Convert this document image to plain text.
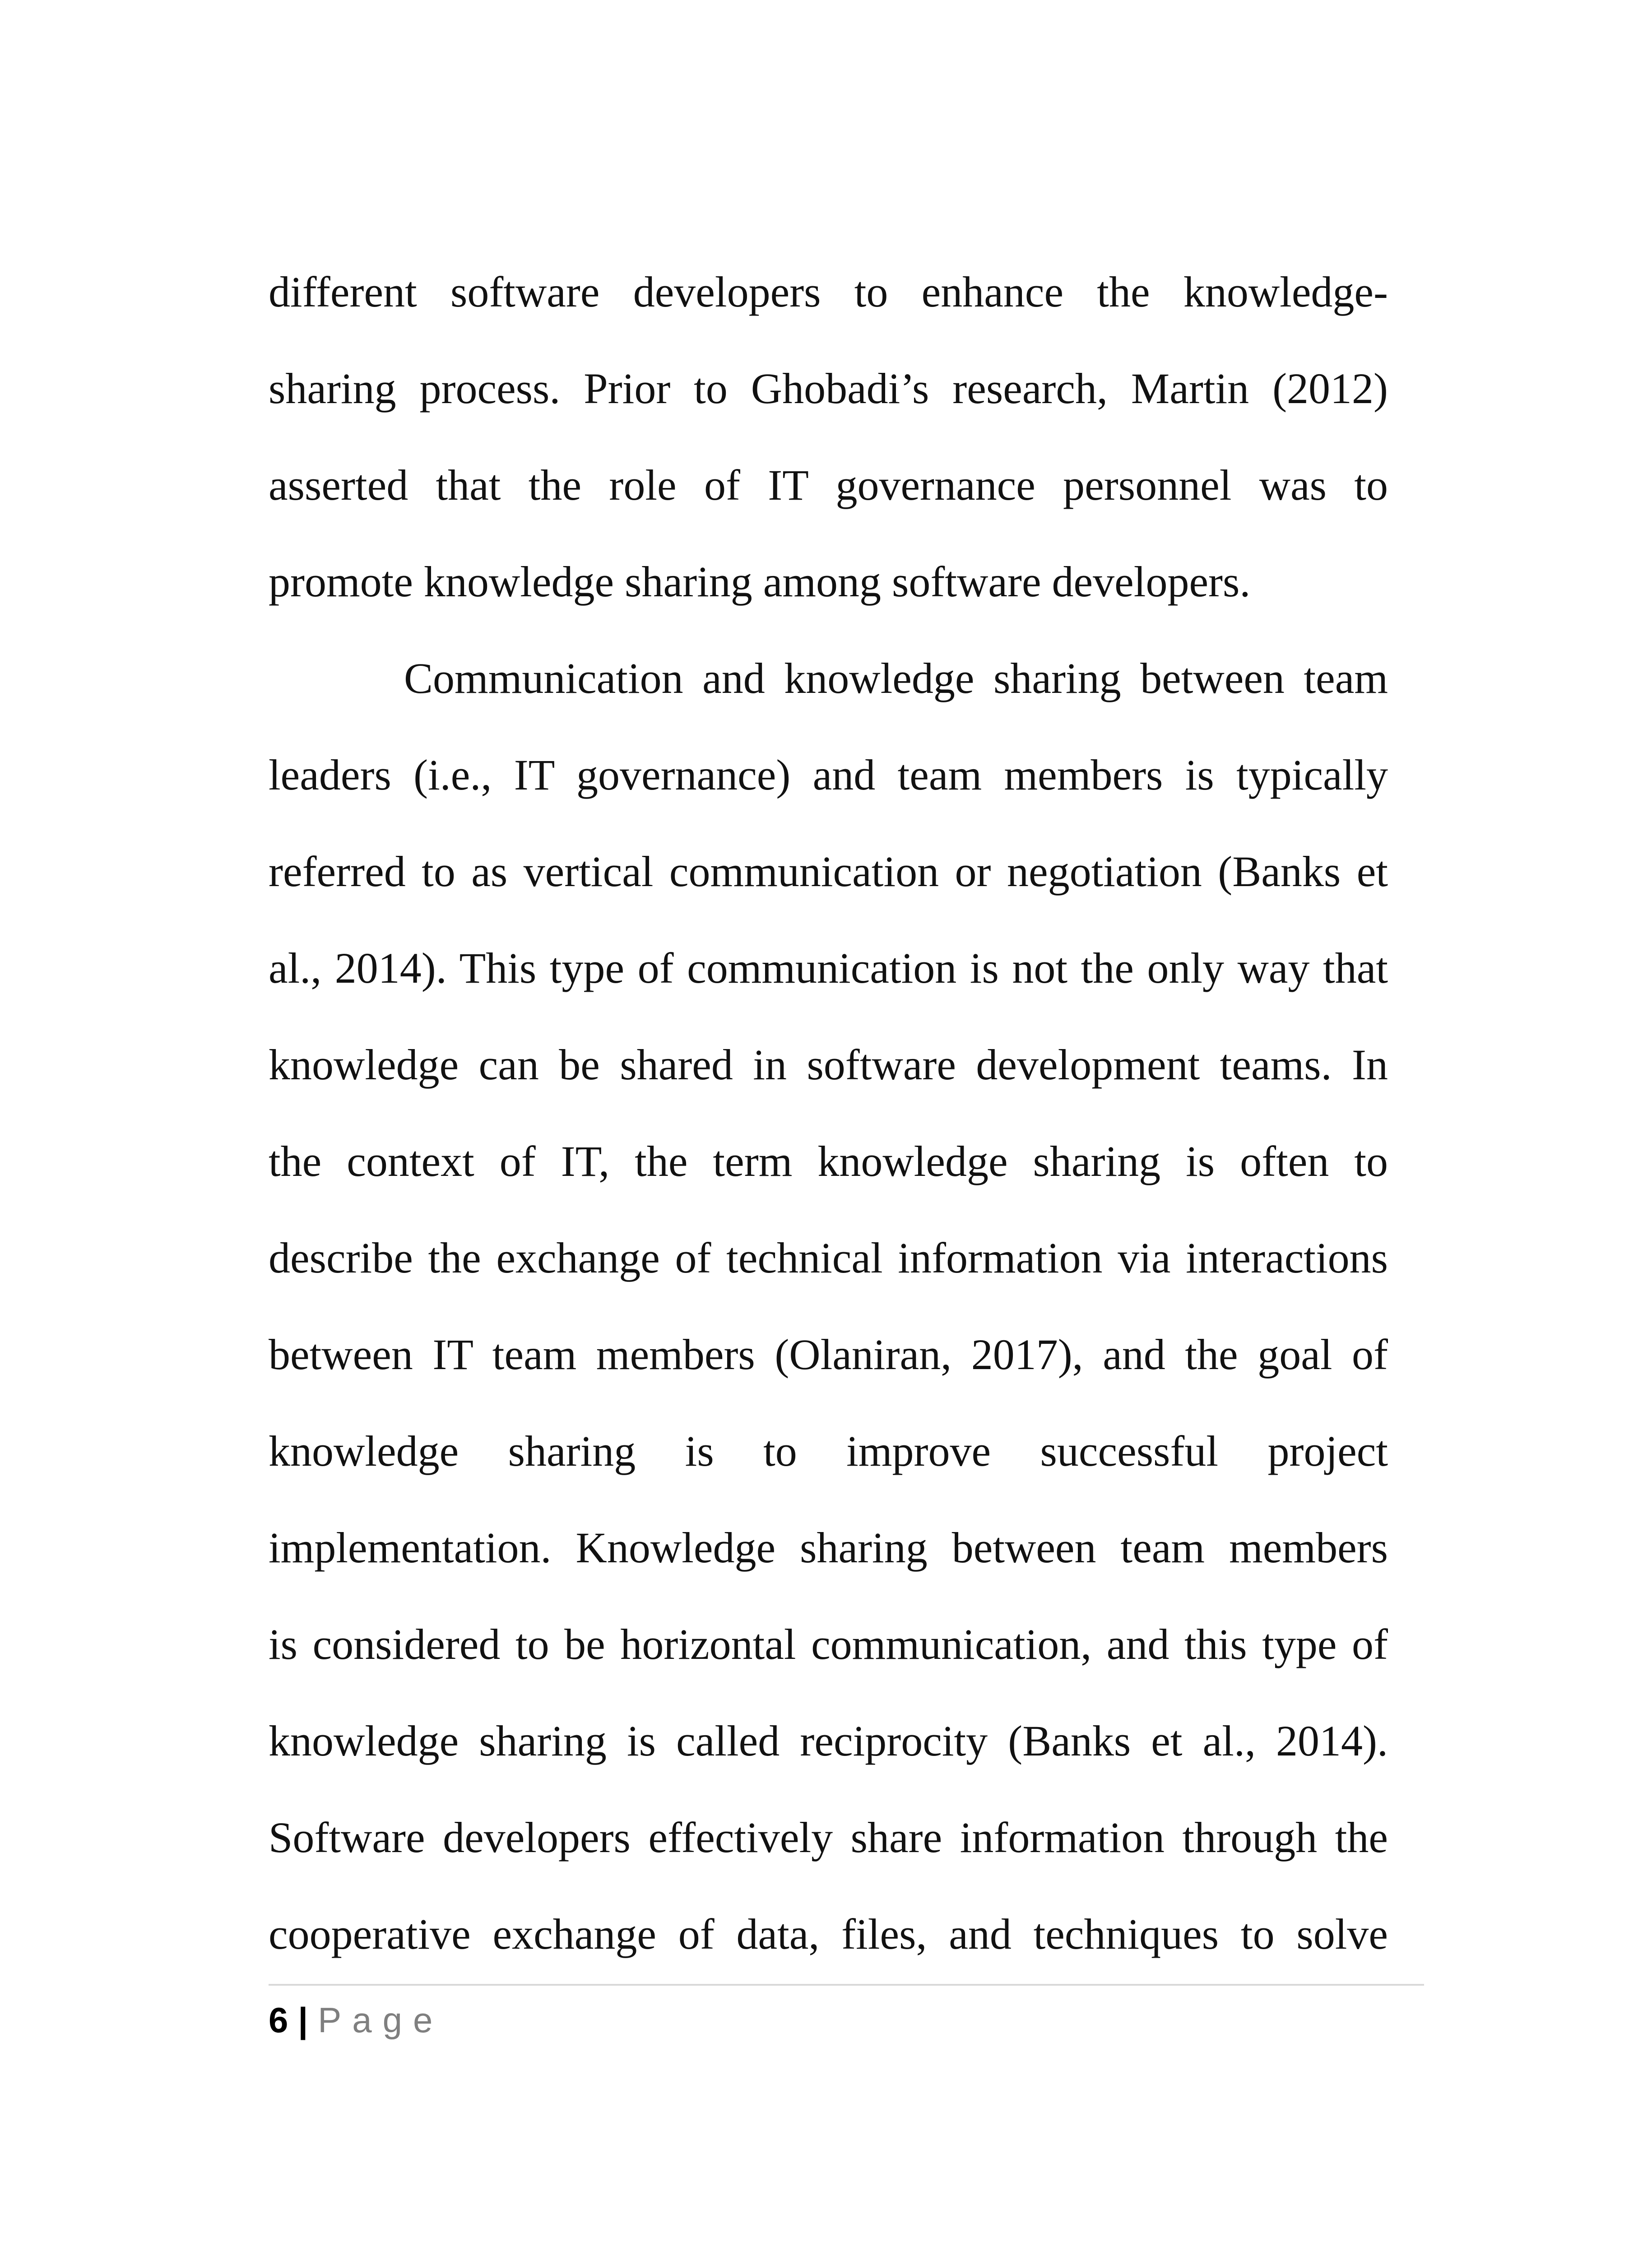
different software developers to enhance the knowledge-
sharing process. Prior to Ghobadi’s research, Martin (2012)
asserted that the role of IT governance personnel was to
promote knowledge sharing among software developers.
Communication and knowledge sharing between team
leaders (i.e., IT governance) and team members is typically
referred to as vertical communication or negotiation (Banks et
al., 2014). This type of communication is not the only way that
knowledge can be shared in software development teams. In
the context of IT, the term knowledge sharing is often to
describe the exchange of technical information via interactions
between IT team members (Olaniran, 2017), and the goal of
knowledge sharing is to improve successful project
implementation. Knowledge sharing between team members
is considered to be horizontal communication, and this type of
knowledge sharing is called reciprocity (Banks et al., 2014).
Software developers effectively share information through the
cooperative exchange of data, files, and techniques to solve
6 | Page
